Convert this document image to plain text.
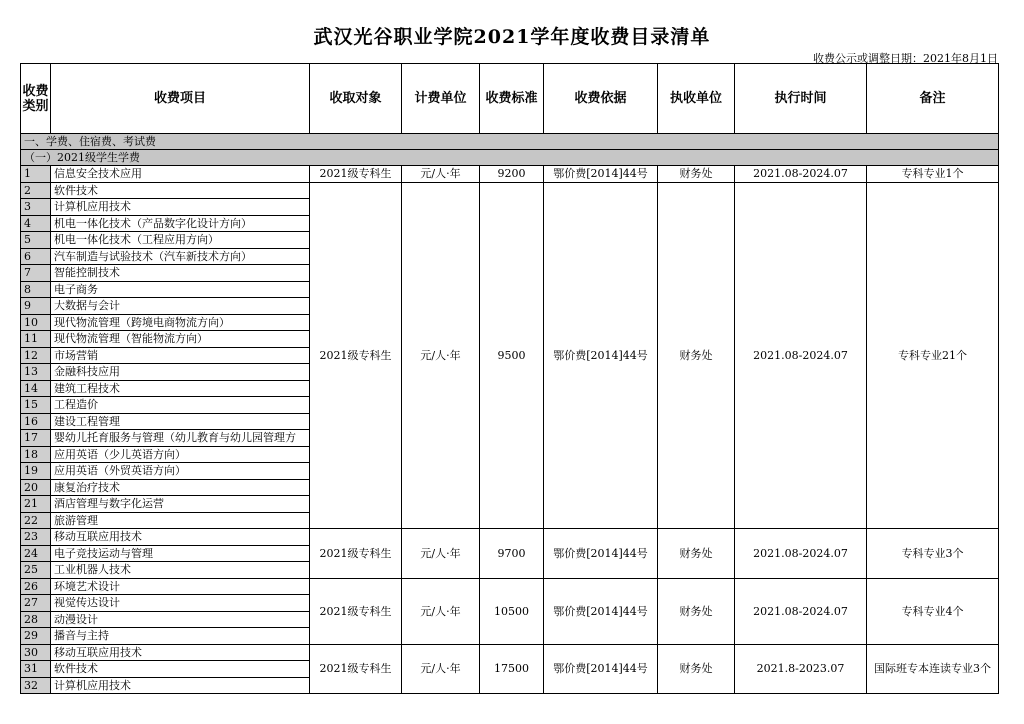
武汉光谷职业学院2021学年度收费目录清单
收费公示或调整日期：2021年8月1日
收费类别	收费项目	收取对象	计费单位	收费标准	收费依据	执收单位	执行时间	备注
一、学费、住宿费、考试费								
（一）2021级学生学费								
1	信息安全技术应用	2021级专科生	元/人·年	9200	鄂价费[2014]44号	财务处	2021.08-2024.07	专科专业1个
2	软件技术	2021级专科生	元/人·年	9500	鄂价费[2014]44号	财务处	2021.08-2024.07	专科专业21个
3	计算机应用技术							
4	机电一体化技术（产品数字化设计方向）							
5	机电一体化技术（工程应用方向）							
6	汽车制造与试验技术（汽车新技术方向）							
7	智能控制技术							
8	电子商务							
9	大数据与会计							
10	现代物流管理（跨境电商物流方向）							
11	现代物流管理（智能物流方向）							
12	市场营销							
13	金融科技应用							
14	建筑工程技术							
15	工程造价							
16	建设工程管理							
17	婴幼儿托育服务与管理（幼儿教育与幼儿园管理方							
18	应用英语（少儿英语方向）							
19	应用英语（外贸英语方向）							
20	康复治疗技术							
21	酒店管理与数字化运营							
22	旅游管理							
23	移动互联应用技术	2021级专科生	元/人·年	9700	鄂价费[2014]44号	财务处	2021.08-2024.07	专科专业3个
24	电子竞技运动与管理							
25	工业机器人技术							
26	环境艺术设计	2021级专科生	元/人·年	10500	鄂价费[2014]44号	财务处	2021.08-2024.07	专科专业4个
27	视觉传达设计							
28	动漫设计							
29	播音与主持							
30	移动互联应用技术	2021级专科生	元/人·年	17500	鄂价费[2014]44号	财务处	2021.8-2023.07	国际班专本连读专业3个
31	软件技术							
32	计算机应用技术							
